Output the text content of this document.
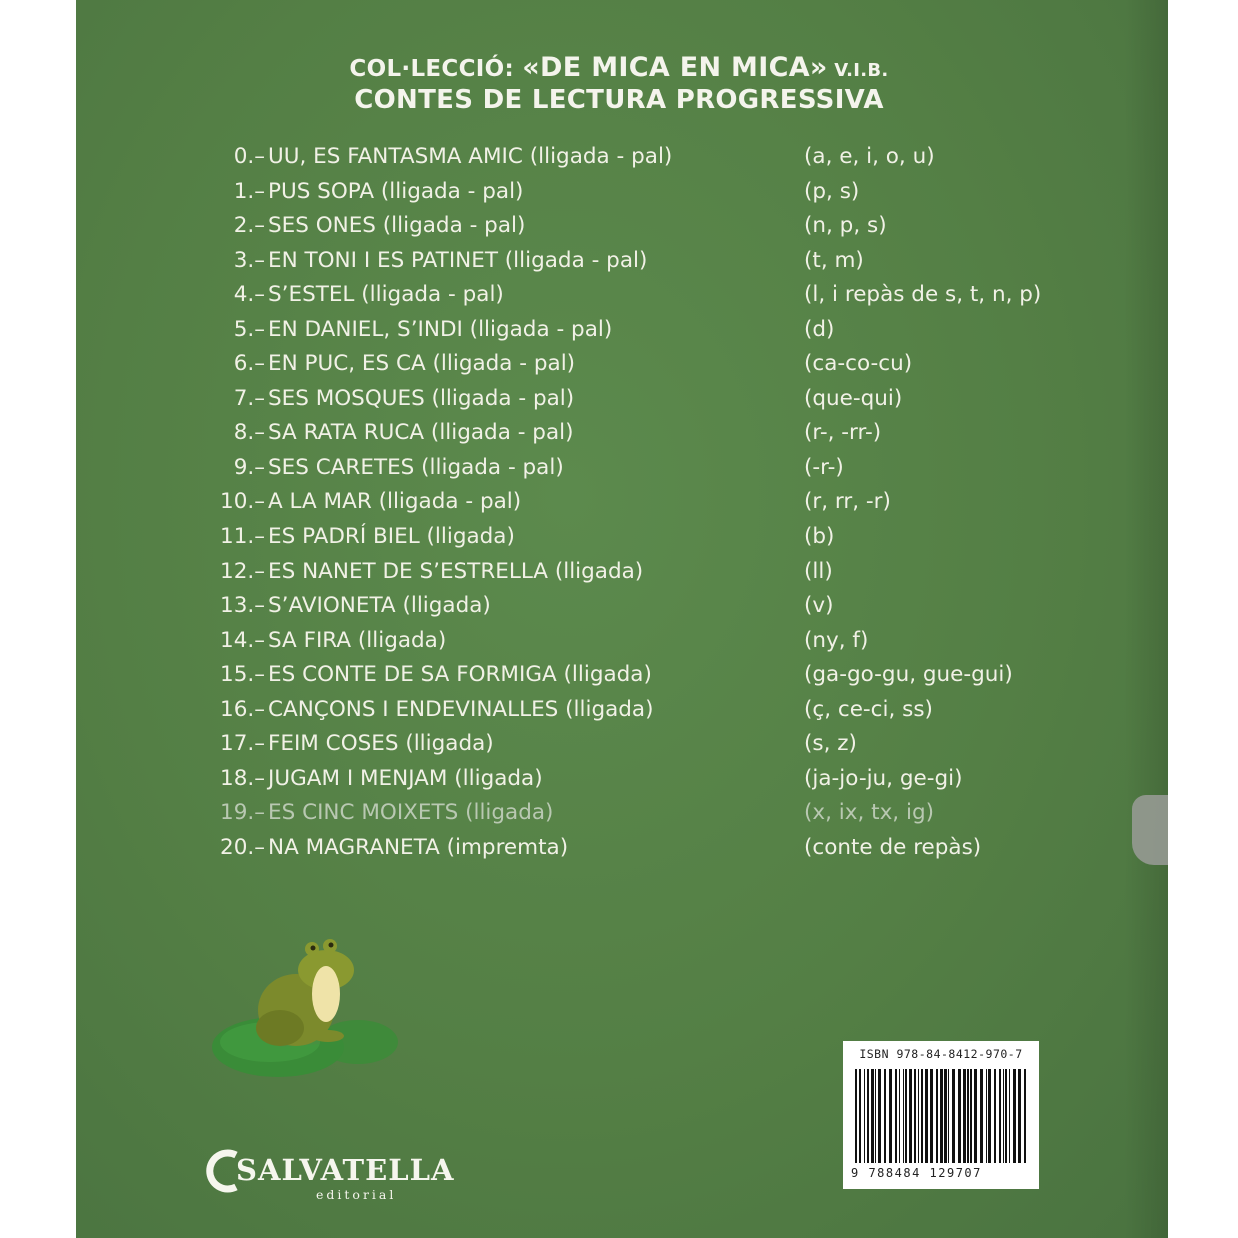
COL·LECCIÓ: «DE MICA EN MICA» V.I.B.
CONTES DE LECTURA PROGRESSIVA
0.– UU, ES FANTASMA AMIC (lligada - pal)	(a, e, i, o, u)
1.– PUS SOPA (lligada - pal)	(p, s)
2.– SES ONES (lligada - pal)	(n, p, s)
3.– EN TONI I ES PATINET (lligada - pal)	(t, m)
4.– S’ESTEL (lligada - pal)	(l, i repàs de s, t, n, p)
5.– EN DANIEL, S’INDI (lligada - pal)	(d)
6.– EN PUC, ES CA (lligada - pal)	(ca-co-cu)
7.– SES MOSQUES (lligada - pal)	(que-qui)
8.– SA RATA RUCA (lligada - pal)	(r-, -rr-)
9.– SES CARETES (lligada - pal)	(-r-)
10.– A LA MAR (lligada - pal)	(r, rr, -r)
11.– ES PADRÍ BIEL (lligada)	(b)
12.– ES NANET DE S’ESTRELLA (lligada)	(ll)
13.– S’AVIONETA (lligada)	(v)
14.– SA FIRA (lligada)	(ny, f)
15.– ES CONTE DE SA FORMIGA (lligada)	(ga-go-gu, gue-gui)
16.– CANÇONS I ENDEVINALLES (lligada)	(ç, ce-ci, ss)
17.– FEIM COSES (lligada)	(s, z)
18.– JUGAM I MENJAM (lligada)	(ja-jo-ju, ge-gi)
19.– ES CINC MOIXETS (lligada)	(x, ix, tx, ig)
20.– NA MAGRANETA (impremta)	(conte de repàs)
ISBN 978-84-8412-970-7
9 788484 129707
SALVATELLA
editorial
